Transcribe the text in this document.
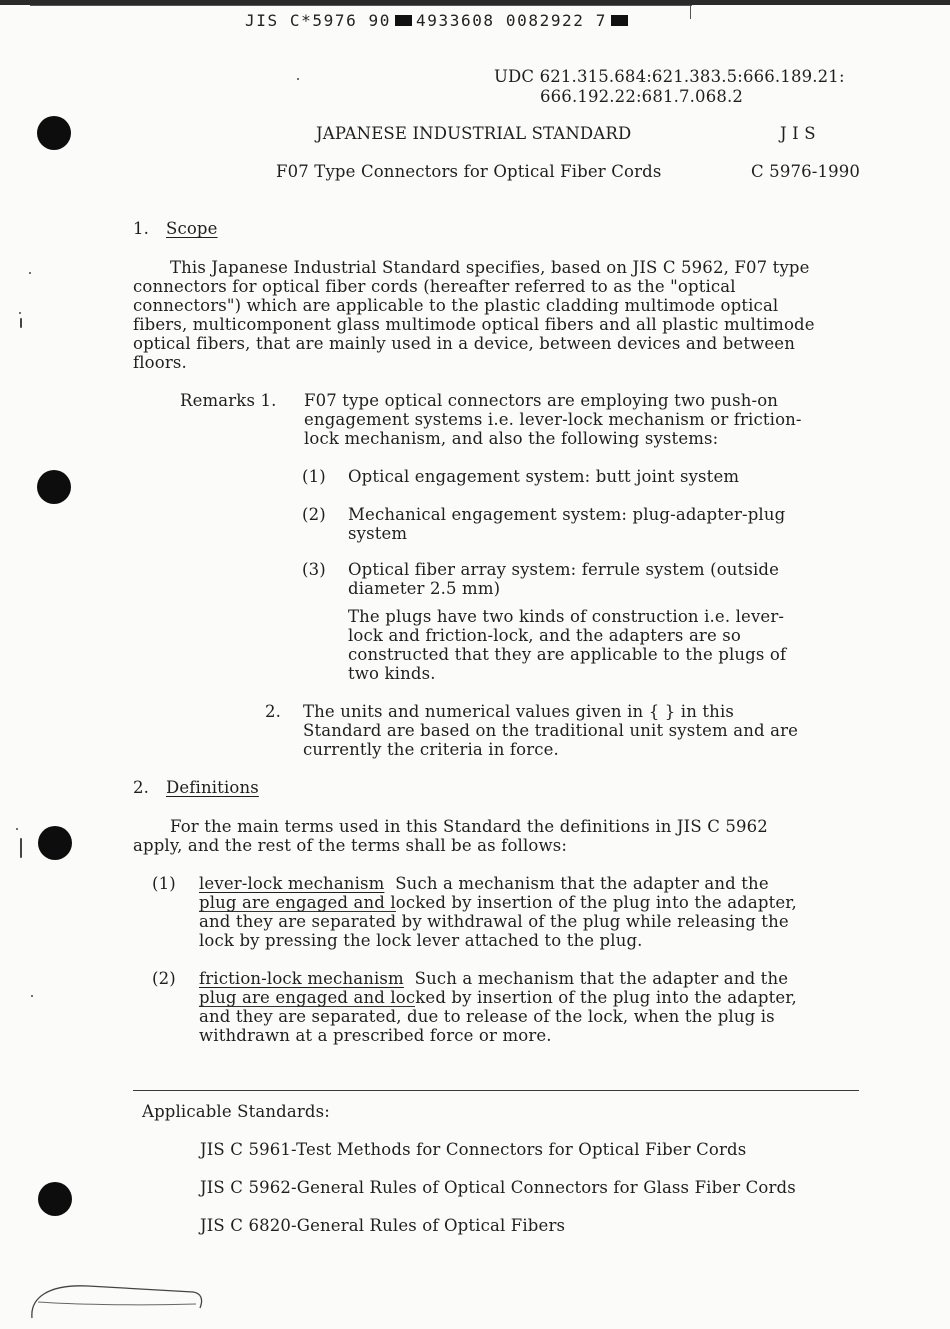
JIS C*5976 90 4933608 0082922 7
UDC 621.315.684:621.383.5:666.189.21:
666.192.22:681.7.068.2
JAPANESE INDUSTRIAL STANDARD	J I S
F07 Type Connectors for Optical Fiber Cords	C 5976-1990
1. Scope
This Japanese Industrial Standard specifies, based on JIS C 5962, F07 type
connectors for optical fiber cords (hereafter referred to as the "optical
connectors") which are applicable to the plastic cladding multimode optical
fibers, multicomponent glass multimode optical fibers and all plastic multimode
optical fibers, that are mainly used in a device, between devices and between
floors.
Remarks 1. F07 type optical connectors are employing two push-on
engagement systems i.e. lever-lock mechanism or friction-
lock mechanism, and also the following systems:
(1) Optical engagement system: butt joint system
(2) Mechanical engagement system: plug-adapter-plug
system
(3) Optical fiber array system: ferrule system (outside
diameter 2.5 mm)
The plugs have two kinds of construction i.e. lever-
lock and friction-lock, and the adapters are so
constructed that they are applicable to the plugs of
two kinds.
2. The units and numerical values given in { } in this
Standard are based on the traditional unit system and are
currently the criteria in force.
2. Definitions
For the main terms used in this Standard the definitions in JIS C 5962
apply, and the rest of the terms shall be as follows:
(1) lever-lock mechanism Such a mechanism that the adapter and the
plug are engaged and locked by insertion of the plug into the adapter,
and they are separated by withdrawal of the plug while releasing the
lock by pressing the lock lever attached to the plug.
(2) friction-lock mechanism Such a mechanism that the adapter and the
plug are engaged and locked by insertion of the plug into the adapter,
and they are separated, due to release of the lock, when the plug is
withdrawn at a prescribed force or more.
Applicable Standards:
JIS C 5961-Test Methods for Connectors for Optical Fiber Cords
JIS C 5962-General Rules of Optical Connectors for Glass Fiber Cords
JIS C 6820-General Rules of Optical Fibers
